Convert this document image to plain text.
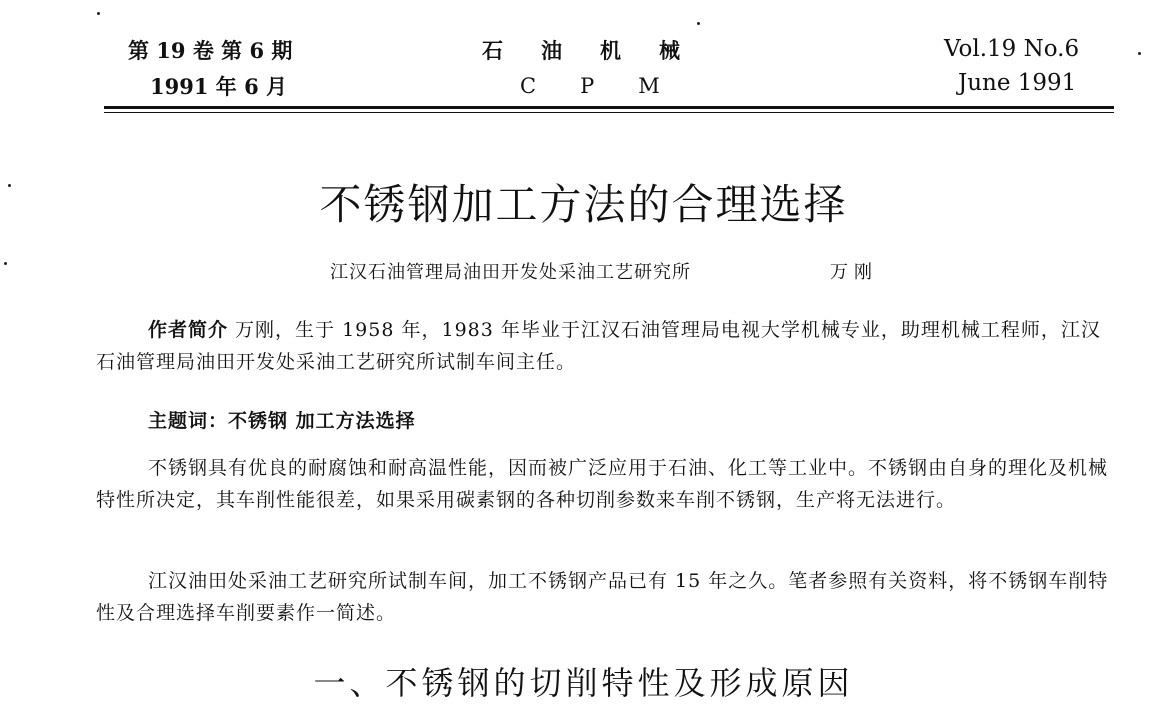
第 19 卷 第 6 期
1991 年 6 月
石油机械
CPM
Vol.19 No.6
June 1991
不锈钢加工方法的合理选择
江汉石油管理局油田开发处采油工艺研究所	万刚
作者简介 万刚，生于 1958 年，1983 年毕业于江汉石油管理局电视大学机械专业，助理机械工程师，江汉石油管理局油田开发处采油工艺研究所试制车间主任。
主题词：不锈钢 加工方法选择
不锈钢具有优良的耐腐蚀和耐高温性能，因而被广泛应用于石油、化工等工业中。不锈钢由自身的理化及机械特性所决定，其车削性能很差，如果采用碳素钢的各种切削参数来车削不锈钢，生产将无法进行。
江汉油田处采油工艺研究所试制车间，加工不锈钢产品已有 15 年之久。笔者参照有关资料，将不锈钢车削特性及合理选择车削要素作一简述。
一、不锈钢的切削特性及形成原因
